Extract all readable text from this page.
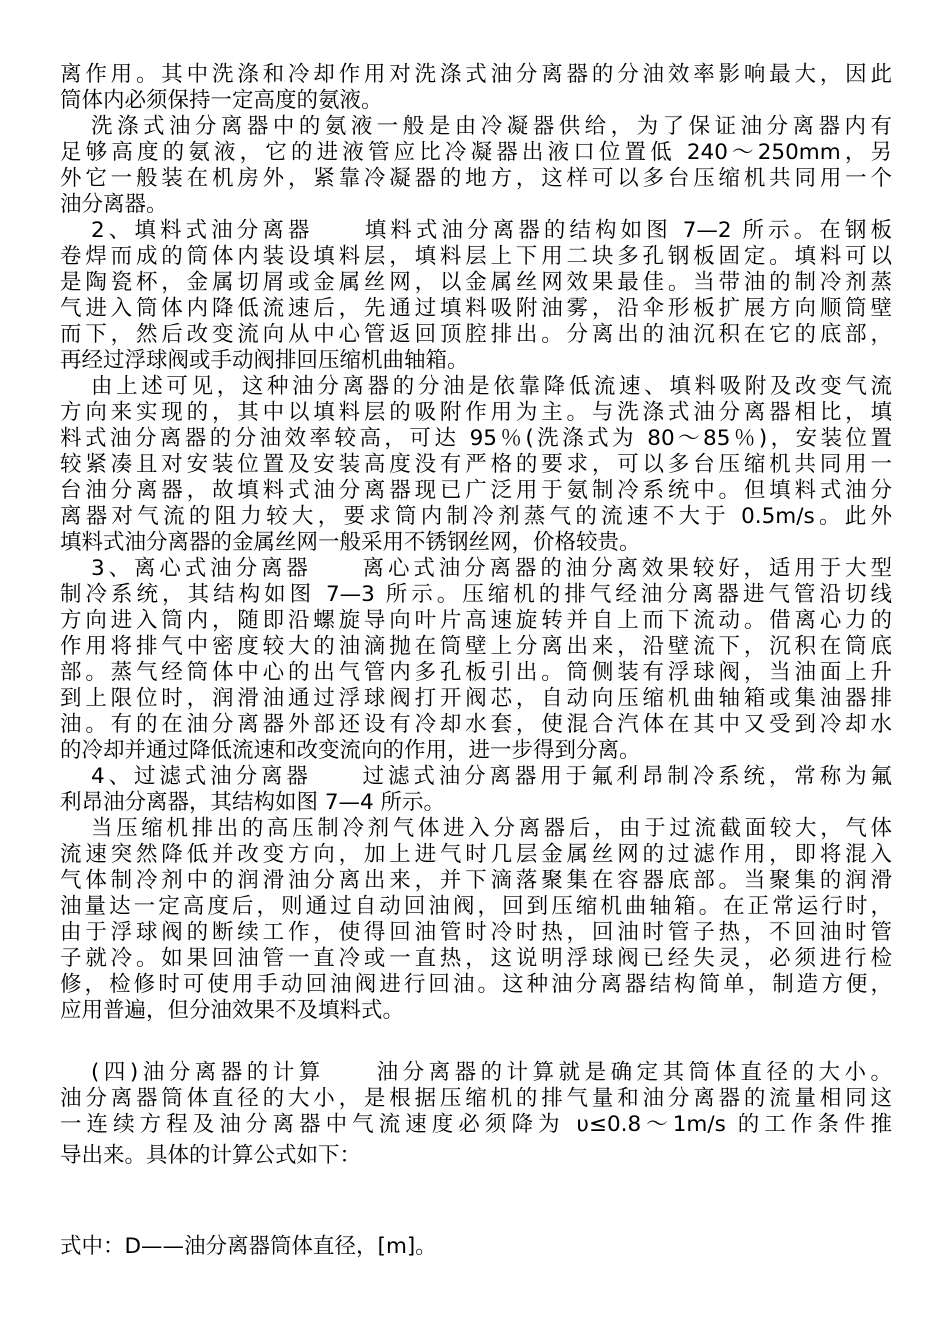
离作用。其中洗涤和冷却作用对洗涤式油分离器的分油效率影响最大，因此
筒体内必须保持一定高度的氨液。
洗涤式油分离器中的氨液一般是由冷凝器供给，为了保证油分离器内有
足够高度的氨液，它的进液管应比冷凝器出液口位置低 240～250mm，另
外它一般装在机房外，紧靠冷凝器的地方，这样可以多台压缩机共同用一个
油分离器。
2、填料式油分离器　　填料式油分离器的结构如图 7—2 所示。在钢板
卷焊而成的筒体内装设填料层，填料层上下用二块多孔钢板固定。填料可以
是陶瓷杯，金属切屑或金属丝网，以金属丝网效果最佳。当带油的制冷剂蒸
气进入筒体内降低流速后，先通过填料吸附油雾，沿伞形板扩展方向顺筒壁
而下，然后改变流向从中心管返回顶腔排出。分离出的油沉积在它的底部，
再经过浮球阀或手动阀排回压缩机曲轴箱。
由上述可见，这种油分离器的分油是依靠降低流速、填料吸附及改变气流
方向来实现的，其中以填料层的吸附作用为主。与洗涤式油分离器相比，填
料式油分离器的分油效率较高，可达 95％(洗涤式为 80～85％)，安装位置
较紧凑且对安装位置及安装高度没有严格的要求，可以多台压缩机共同用一
台油分离器，故填料式油分离器现已广泛用于氨制冷系统中。但填料式油分
离器对气流的阻力较大，要求筒内制冷剂蒸气的流速不大于 0.5m/s。此外
填料式油分离器的金属丝网一般采用不锈钢丝网，价格较贵。
3、离心式油分离器　　离心式油分离器的油分离效果较好，适用于大型
制冷系统，其结构如图 7—3 所示。压缩机的排气经油分离器进气管沿切线
方向进入筒内，随即沿螺旋导向叶片高速旋转并自上而下流动。借离心力的
作用将排气中密度较大的油滴抛在筒壁上分离出来，沿壁流下，沉积在筒底
部。蒸气经筒体中心的出气管内多孔板引出。筒侧装有浮球阀，当油面上升
到上限位时，润滑油通过浮球阀打开阀芯，自动向压缩机曲轴箱或集油器排
油。有的在油分离器外部还设有冷却水套，使混合汽体在其中又受到冷却水
的冷却并通过降低流速和改变流向的作用，进一步得到分离。
4、过滤式油分离器　　过滤式油分离器用于氟利昂制冷系统，常称为氟
利昂油分离器，其结构如图 7—4 所示。
当压缩机排出的高压制冷剂气体进入分离器后，由于过流截面较大，气体
流速突然降低并改变方向，加上进气时几层金属丝网的过滤作用，即将混入
气体制冷剂中的润滑油分离出来，并下滴落聚集在容器底部。当聚集的润滑
油量达一定高度后，则通过自动回油阀，回到压缩机曲轴箱。在正常运行时，
由于浮球阀的断续工作，使得回油管时冷时热，回油时管子热，不回油时管
子就冷。如果回油管一直冷或一直热，这说明浮球阀已经失灵，必须进行检
修，检修时可使用手动回油阀进行回油。这种油分离器结构简单，制造方便，
应用普遍，但分油效果不及填料式。
(四)油分离器的计算　　油分离器的计算就是确定其筒体直径的大小。
油分离器筒体直径的大小，是根据压缩机的排气量和油分离器的流量相同这
一连续方程及油分离器中气流速度必须降为 υ≤0.8～1m/s 的工作条件推
导出来。具体的计算公式如下：
式中：D——油分离器筒体直径，[m]。
